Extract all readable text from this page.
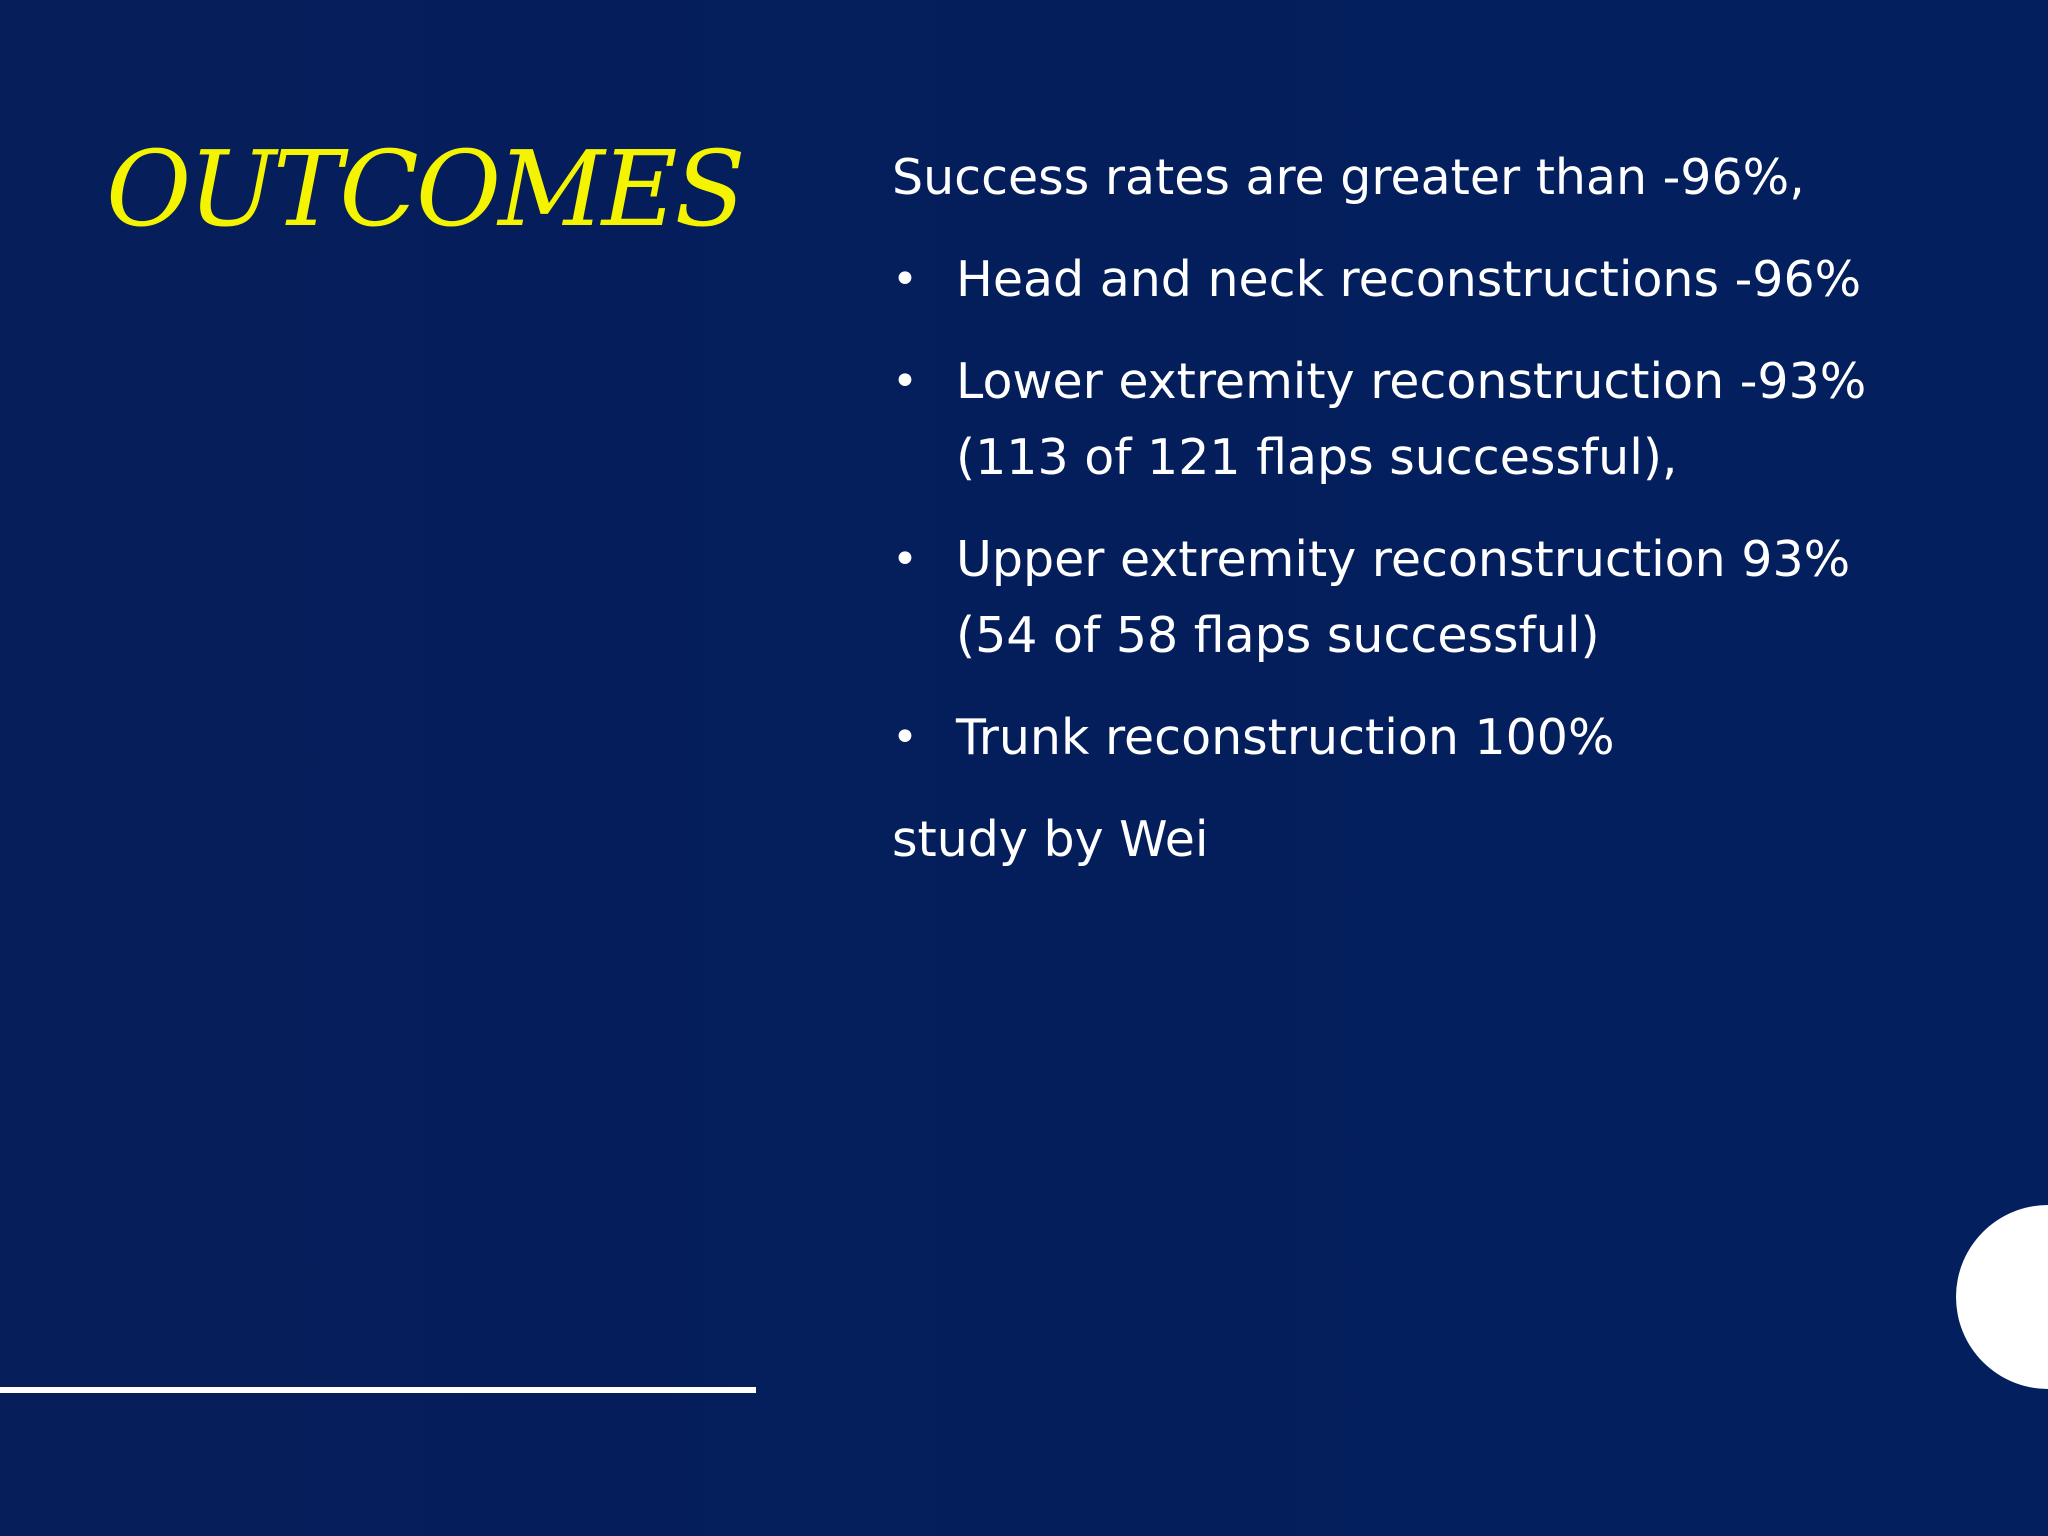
OUTCOMES	Success rates are greater than -96%,

• Head and neck reconstructions -96%
• Lower extremity reconstruction -93% (113 of 121 flaps successful),
• Upper extremity reconstruction 93% (54 of 58 flaps successful)
• Trunk reconstruction 100%

study by Wei
